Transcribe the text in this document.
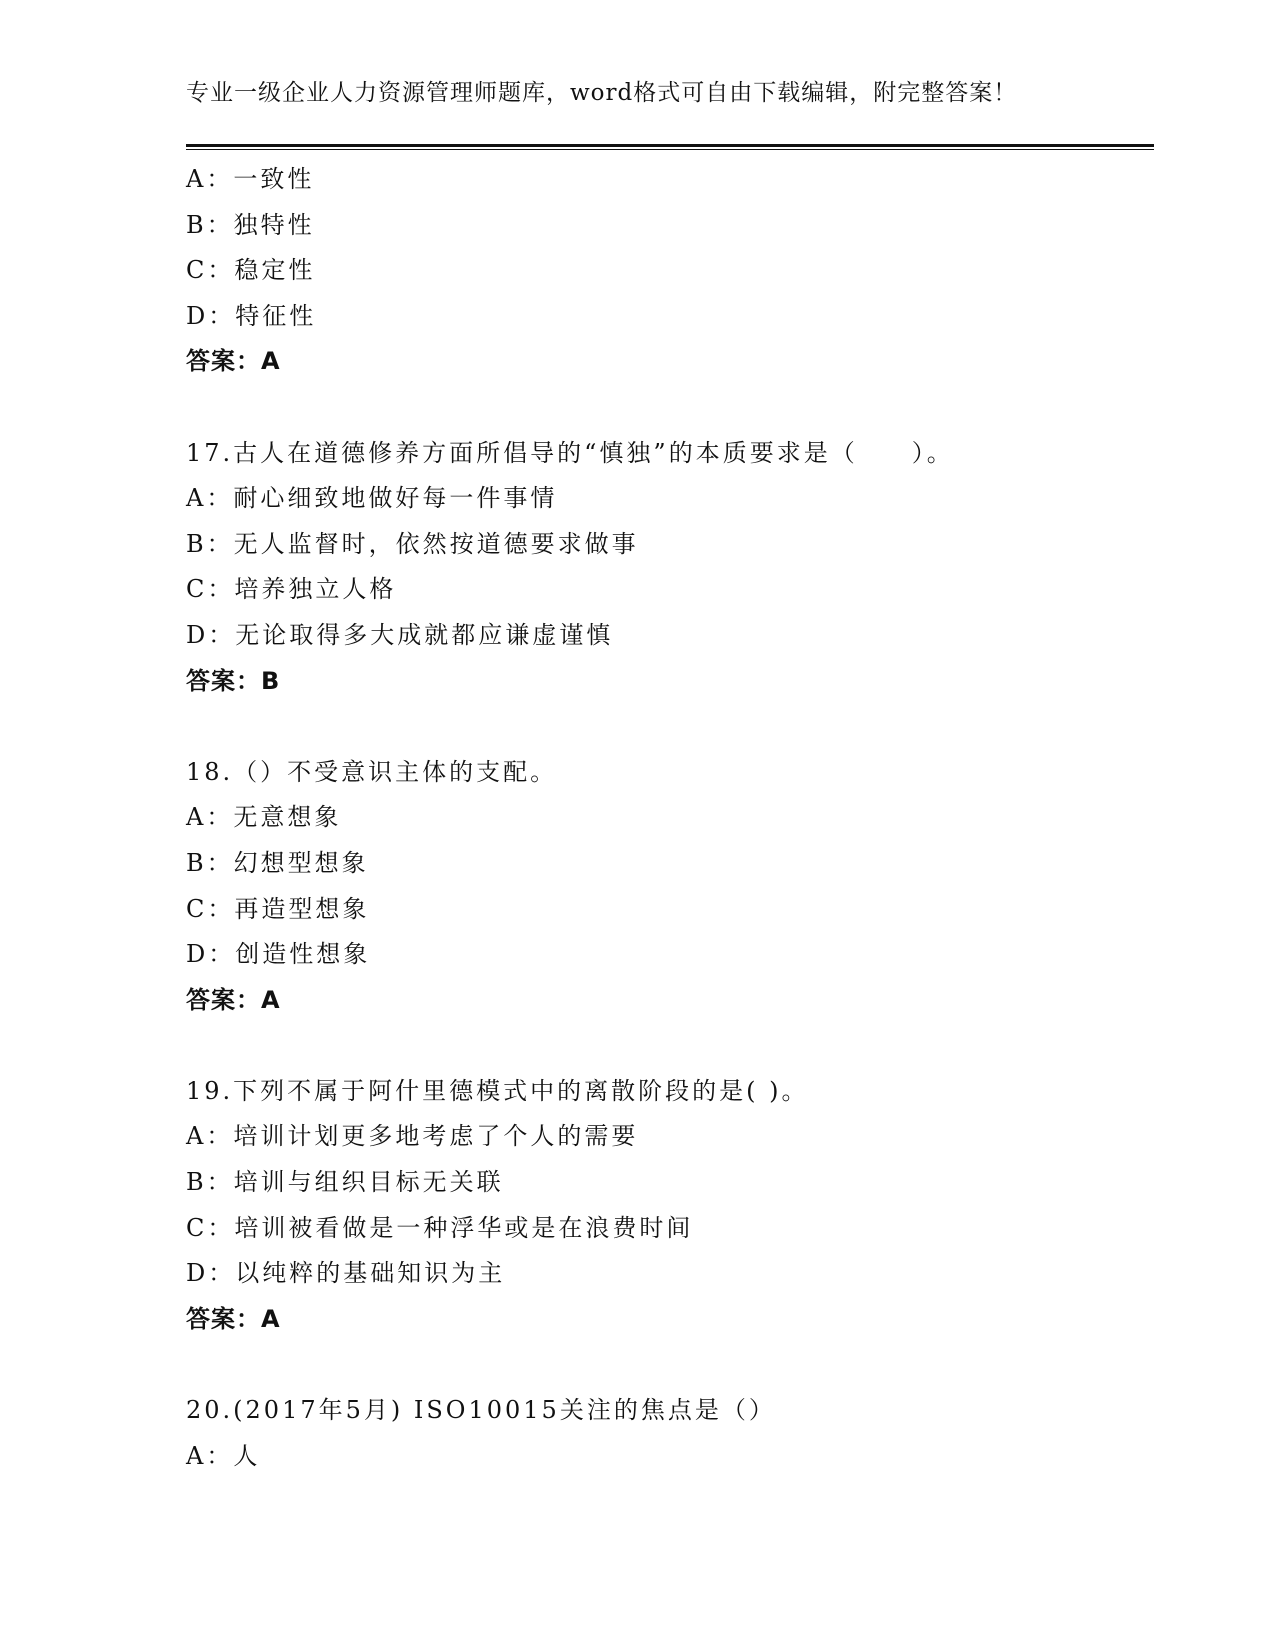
专业一级企业人力资源管理师题库，word格式可自由下载编辑，附完整答案！
A：一致性
B：独特性
C：稳定性
D：特征性
答案：A
17.古人在道德修养方面所倡导的“慎独”的本质要求是（　　）。
A：耐心细致地做好每一件事情
B：无人监督时，依然按道德要求做事
C：培养独立人格
D：无论取得多大成就都应谦虚谨慎
答案：B
18.（）不受意识主体的支配。
A：无意想象
B：幻想型想象
C：再造型想象
D：创造性想象
答案：A
19.下列不属于阿什里德模式中的离散阶段的是( )。
A：培训计划更多地考虑了个人的需要
B：培训与组织目标无关联
C：培训被看做是一种浮华或是在浪费时间
D：以纯粹的基础知识为主
答案：A
20.(2017年5月) ISO10015关注的焦点是（）
A：人
